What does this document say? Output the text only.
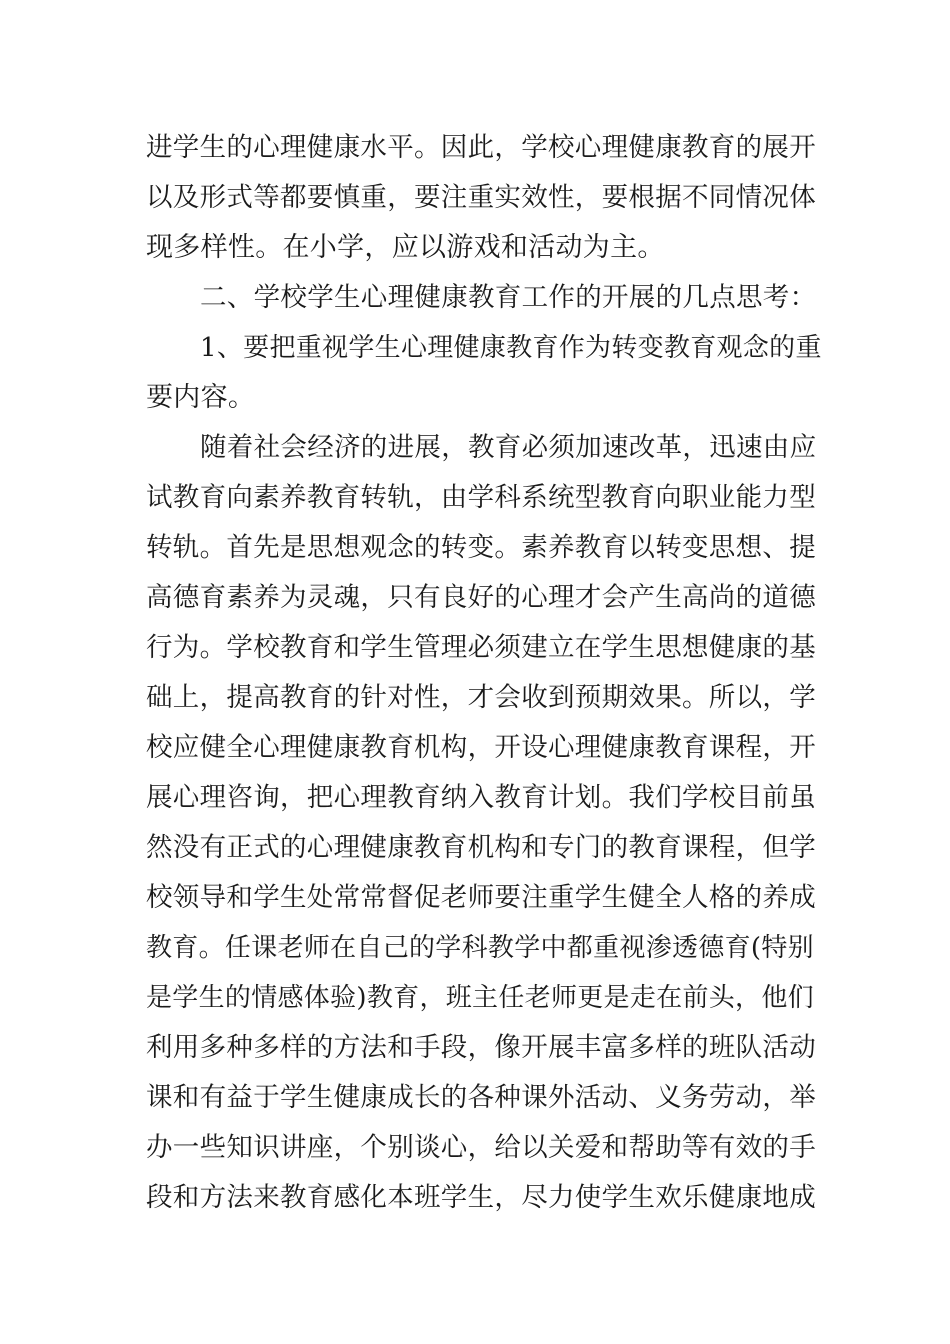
进学生的心理健康水平。因此，学校心理健康教育的展开
以及形式等都要慎重，要注重实效性，要根据不同情况体
现多样性。在小学，应以游戏和活动为主。
二、学校学生心理健康教育工作的开展的几点思考：
1、要把重视学生心理健康教育作为转变教育观念的重
要内容。
随着社会经济的进展，教育必须加速改革，迅速由应
试教育向素养教育转轨，由学科系统型教育向职业能力型
转轨。首先是思想观念的转变。素养教育以转变思想、提
高德育素养为灵魂，只有良好的心理才会产生高尚的道德
行为。学校教育和学生管理必须建立在学生思想健康的基
础上，提高教育的针对性，才会收到预期效果。所以，学
校应健全心理健康教育机构，开设心理健康教育课程，开
展心理咨询，把心理教育纳入教育计划。我们学校目前虽
然没有正式的心理健康教育机构和专门的教育课程，但学
校领导和学生处常常督促老师要注重学生健全人格的养成
教育。任课老师在自己的学科教学中都重视渗透德育(特别
是学生的情感体验)教育，班主任老师更是走在前头，他们
利用多种多样的方法和手段，像开展丰富多样的班队活动
课和有益于学生健康成长的各种课外活动、义务劳动，举
办一些知识讲座，个别谈心，给以关爱和帮助等有效的手
段和方法来教育感化本班学生，尽力使学生欢乐健康地成
